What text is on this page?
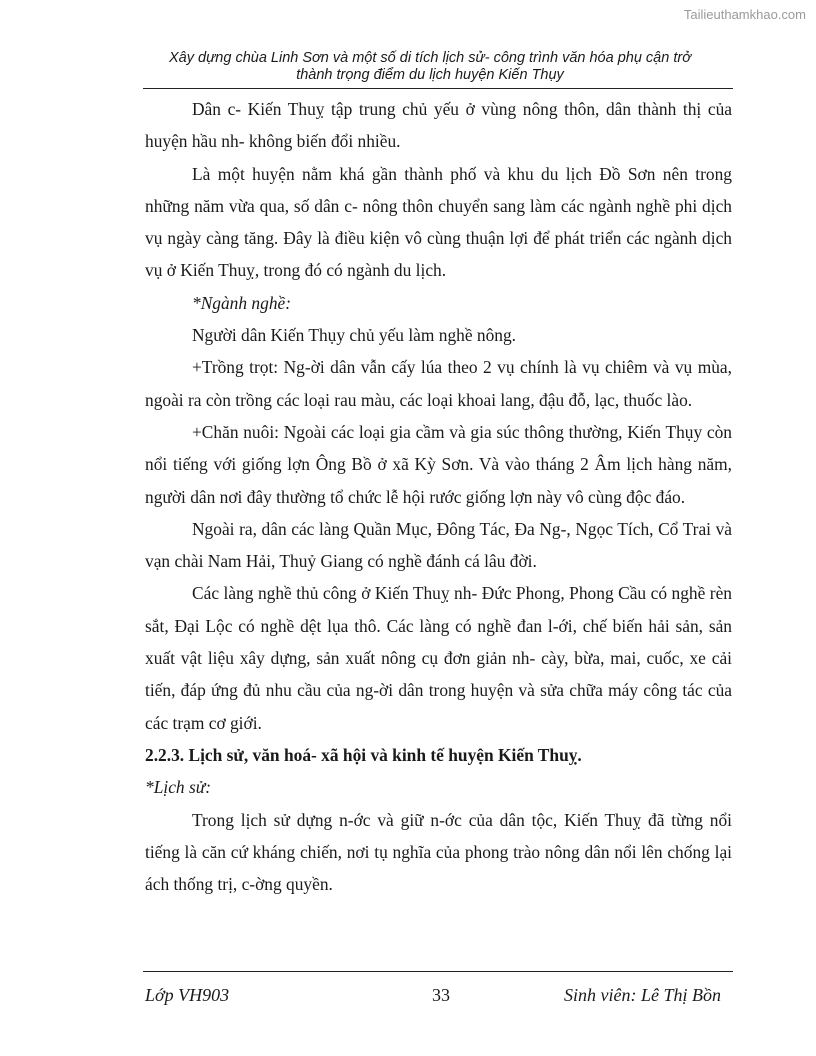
Tailieuthamkhao.com
Xây dựng chùa Linh Sơn và một số di tích lịch sử- công trình văn hóa phụ cận trở
thành trọng điểm du lịch huyện Kiến Thụy

Dân c- Kiến Thuỵ tập trung chủ yếu ở vùng nông thôn, dân thành thị của huyện hầu nh- không biến đổi nhiều.

Là một huyện nằm khá gần thành phố và khu du lịch Đồ Sơn nên trong những năm vừa qua, số dân c- nông thôn chuyển sang làm các ngành nghề phi dịch vụ ngày càng tăng. Đây là điều kiện vô cùng thuận lợi để phát triển các ngành dịch vụ ở Kiến Thuỵ, trong đó có ngành du lịch.

*Ngành nghề:

Người dân Kiến Thụy chủ yếu làm nghề nông.

+Trồng trọt: Ng-ời dân vẫn cấy lúa theo 2 vụ chính là vụ chiêm và vụ mùa, ngoài ra còn trồng các loại rau màu, các loại khoai lang, đậu đỗ, lạc, thuốc lào.

+Chăn nuôi: Ngoài các loại gia cầm và gia súc thông thường, Kiến Thụy còn nổi tiếng với giống lợn Ông Bồ ở xã Kỳ Sơn. Và vào tháng 2 Âm lịch hàng năm, người dân nơi đây thường tổ chức lễ hội rước giống lợn này vô cùng độc đáo.

Ngoài ra, dân các làng Quần Mục, Đông Tác, Đa Ng-, Ngọc Tích, Cổ Trai và vạn chài Nam Hải, Thuỷ Giang có nghề đánh cá lâu đời.

Các làng nghề thủ công ở Kiến Thuỵ nh- Đức Phong, Phong Cầu có nghề rèn sắt, Đại Lộc có nghề dệt lụa thô. Các làng có nghề đan l-ới, chế biến hải sản, sản xuất vật liệu xây dựng, sản xuất nông cụ đơn giản nh- cày, bừa, mai, cuốc, xe cải tiến, đáp ứng đủ nhu cầu của ng-ời dân trong huyện và sửa chữa máy công tác của các trạm cơ giới.

2.2.3. Lịch sử, văn hoá- xã hội và kinh tế huyện Kiến Thuỵ.

*Lịch sử:

Trong lịch sử dựng n-ớc và giữ n-ớc của dân tộc, Kiến Thuỵ đã từng nổi tiếng là căn cứ kháng chiến, nơi tụ nghĩa của phong trào nông dân nổi lên chống lại ách thống trị, c-ờng quyền.

Lớp VH903	33	Sinh viên: Lê Thị Bồn
